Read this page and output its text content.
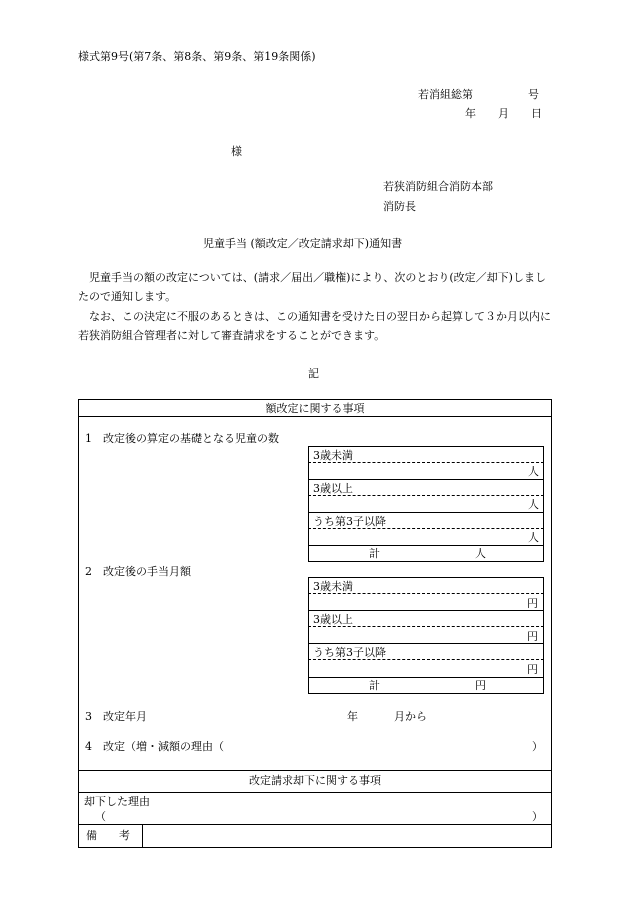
様式第9号(第7条、第8条、第9条、第19条関係)
若消組総第　　　　　号
年　　月　　日
様
若狭消防組合消防本部
消防長
児童手当 (額改定／改定請求却下)通知書
　児童手当の額の改定については、(請求／届出／職権)により、次のとおり(改定／却下)しましたので通知します。
　なお、この決定に不服のあるときは、この通知書を受けた日の翌日から起算して３か月以内に若狭消防組合管理者に対して審査請求をすることができます。
記
額改定に関する事項
1　改定後の算定の基礎となる児童の数
3歳未満
人
3歳以上
人
うち第3子以降
人
計	人
2　改定後の手当月額
3歳未満
円
3歳以上
円
うち第3子以降
円
計	円
3　改定年月	年	月から
4　改定（増・減額の理由（	）
改定請求却下に関する事項
却下した理由
（	）
備　　考
